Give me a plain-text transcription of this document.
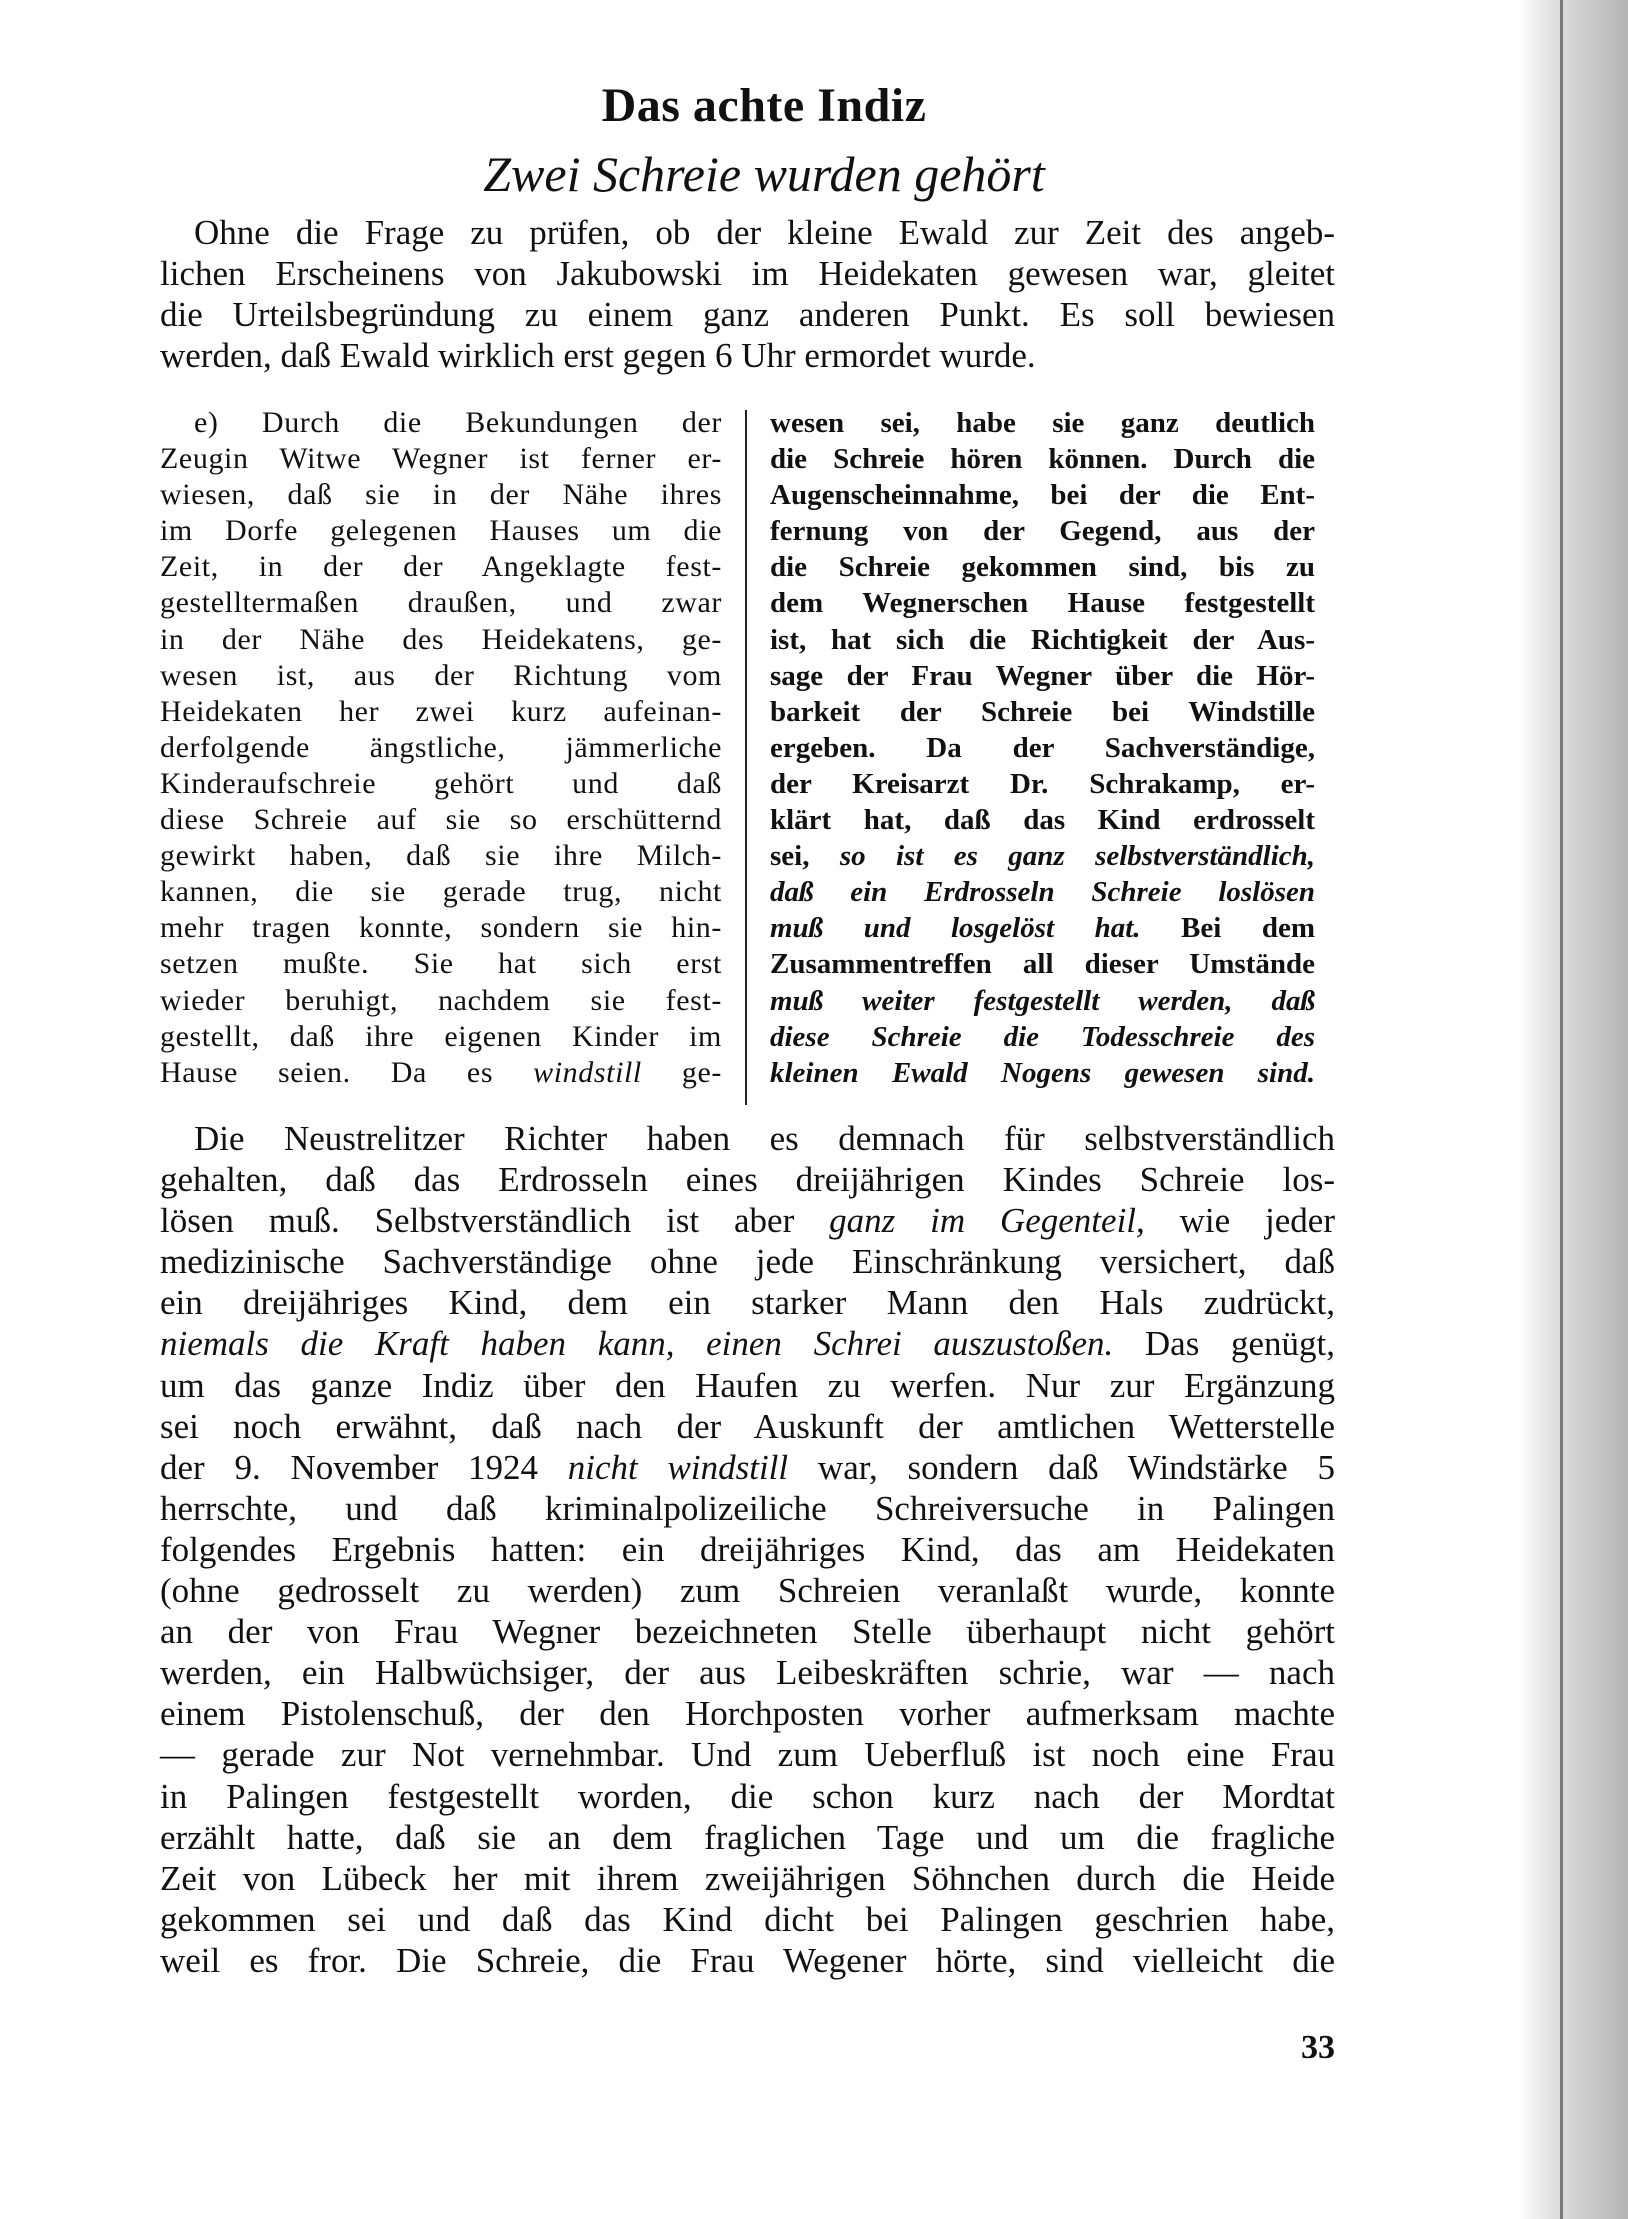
Das achte Indiz
Zwei Schreie wurden gehört
Ohne die Frage zu prüfen, ob der kleine Ewald zur Zeit des angeb-
lichen Erscheinens von Jakubowski im Heidekaten gewesen war, gleitet
die Urteilsbegründung zu einem ganz anderen Punkt. Es soll bewiesen
werden, daß Ewald wirklich erst gegen 6 Uhr ermordet wurde.
e) Durch die Bekundungen der
Zeugin Witwe Wegner ist ferner er-
wiesen, daß sie in der Nähe ihres
im Dorfe gelegenen Hauses um die
Zeit, in der der Angeklagte fest-
gestelltermaßen draußen, und zwar
in der Nähe des Heidekatens, ge-
wesen ist, aus der Richtung vom
Heidekaten her zwei kurz aufeinan-
derfolgende ängstliche, jämmerliche
Kinderaufschreie gehört und daß
diese Schreie auf sie so erschütternd
gewirkt haben, daß sie ihre Milch-
kannen, die sie gerade trug, nicht
mehr tragen konnte, sondern sie hin-
setzen mußte. Sie hat sich erst
wieder beruhigt, nachdem sie fest-
gestellt, daß ihre eigenen Kinder im
Hause seien. Da es windstill ge-
wesen sei, habe sie ganz deutlich
die Schreie hören können. Durch die
Augenscheinnahme, bei der die Ent-
fernung von der Gegend, aus der
die Schreie gekommen sind, bis zu
dem Wegnerschen Hause festgestellt
ist, hat sich die Richtigkeit der Aus-
sage der Frau Wegner über die Hör-
barkeit der Schreie bei Windstille
ergeben. Da der Sachverständige,
der Kreisarzt Dr. Schrakamp, er-
klärt hat, daß das Kind erdrosselt
sei, so ist es ganz selbstverständlich,
daß ein Erdrosseln Schreie loslösen
muß und losgelöst hat. Bei dem
Zusammentreffen all dieser Umstände
muß weiter festgestellt werden, daß
diese Schreie die Todesschreie des
kleinen Ewald Nogens gewesen sind.
Die Neustrelitzer Richter haben es demnach für selbstverständlich
gehalten, daß das Erdrosseln eines dreijährigen Kindes Schreie los-
lösen muß. Selbstverständlich ist aber ganz im Gegenteil, wie jeder
medizinische Sachverständige ohne jede Einschränkung versichert, daß
ein dreijähriges Kind, dem ein starker Mann den Hals zudrückt,
niemals die Kraft haben kann, einen Schrei auszustoßen. Das genügt,
um das ganze Indiz über den Haufen zu werfen. Nur zur Ergänzung
sei noch erwähnt, daß nach der Auskunft der amtlichen Wetterstelle
der 9. November 1924 nicht windstill war, sondern daß Windstärke 5
herrschte, und daß kriminalpolizeiliche Schreiversuche in Palingen
folgendes Ergebnis hatten: ein dreijähriges Kind, das am Heidekaten
(ohne gedrosselt zu werden) zum Schreien veranlaßt wurde, konnte
an der von Frau Wegner bezeichneten Stelle überhaupt nicht gehört
werden, ein Halbwüchsiger, der aus Leibeskräften schrie, war — nach
einem Pistolenschuß, der den Horchposten vorher aufmerksam machte
— gerade zur Not vernehmbar. Und zum Ueberfluß ist noch eine Frau
in Palingen festgestellt worden, die schon kurz nach der Mordtat
erzählt hatte, daß sie an dem fraglichen Tage und um die fragliche
Zeit von Lübeck her mit ihrem zweijährigen Söhnchen durch die Heide
gekommen sei und daß das Kind dicht bei Palingen geschrien habe,
weil es fror. Die Schreie, die Frau Wegener hörte, sind vielleicht die
33
